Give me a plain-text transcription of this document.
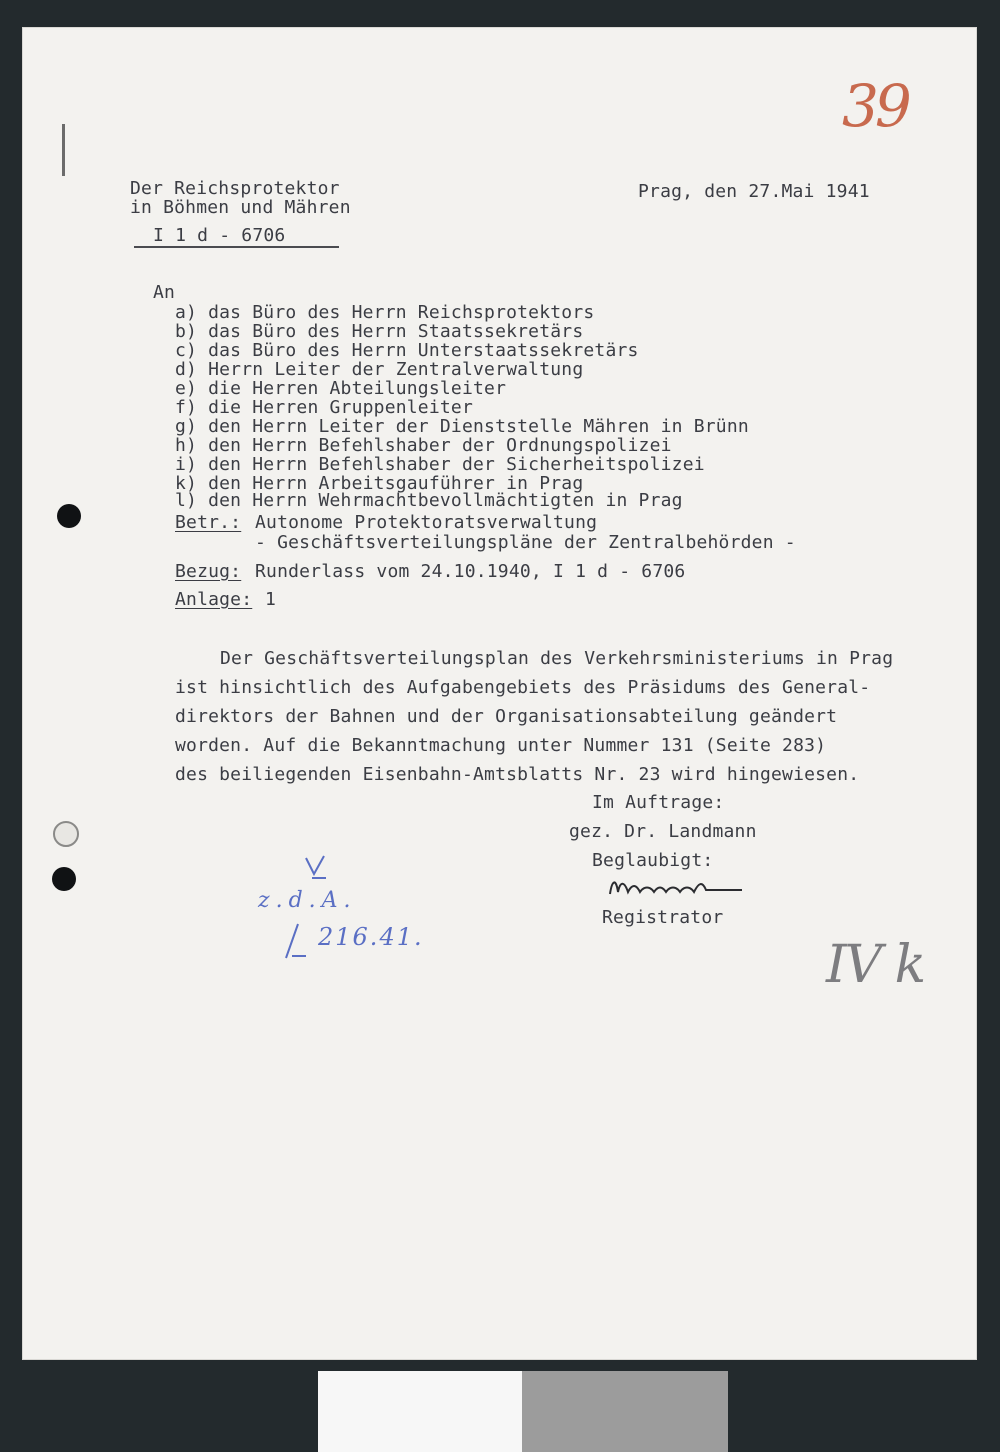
39

Der Reichsprotektor

in Böhmen und Mähren

I 1 d - 6706

Prag, den 27.Mai 1941

An

a) das Büro des Herrn Reichsprotektors

b) das Büro des Herrn Staatssekretärs

c) das Büro des Herrn Unterstaatssekretärs

d) Herrn Leiter der Zentralverwaltung

e) die Herren Abteilungsleiter

f) die Herren Gruppenleiter

g) den Herrn Leiter der Dienststelle Mähren in Brünn

h) den Herrn Befehlshaber der Ordnungspolizei

i) den Herrn Befehlshaber der Sicherheitspolizei

k) den Herrn Arbeitsgauführer in Prag

l) den Herrn Wehrmachtbevollmächtigten in Prag

Betr.: Autonome Protektoratsverwaltung

- Geschäftsverteilungspläne der Zentralbehörden -

Bezug: Runderlass vom 24.10.1940, I 1 d - 6706

Anlage: 1

Der Geschäftsverteilungsplan des Verkehrsministeriums in Prag

ist hinsichtlich des Aufgabengebiets des Präsidums des General-

direktors der Bahnen und der Organisationsabteilung geändert

worden. Auf die Bekanntmachung unter Nummer 131 (Seite 283)

des beiliegenden Eisenbahn-Amtsblatts Nr. 23 wird hingewiesen.

Im Auftrage:

gez. Dr. Landmann

Beglaubigt:

Registrator

z.d.A.

216.41.	IV k
